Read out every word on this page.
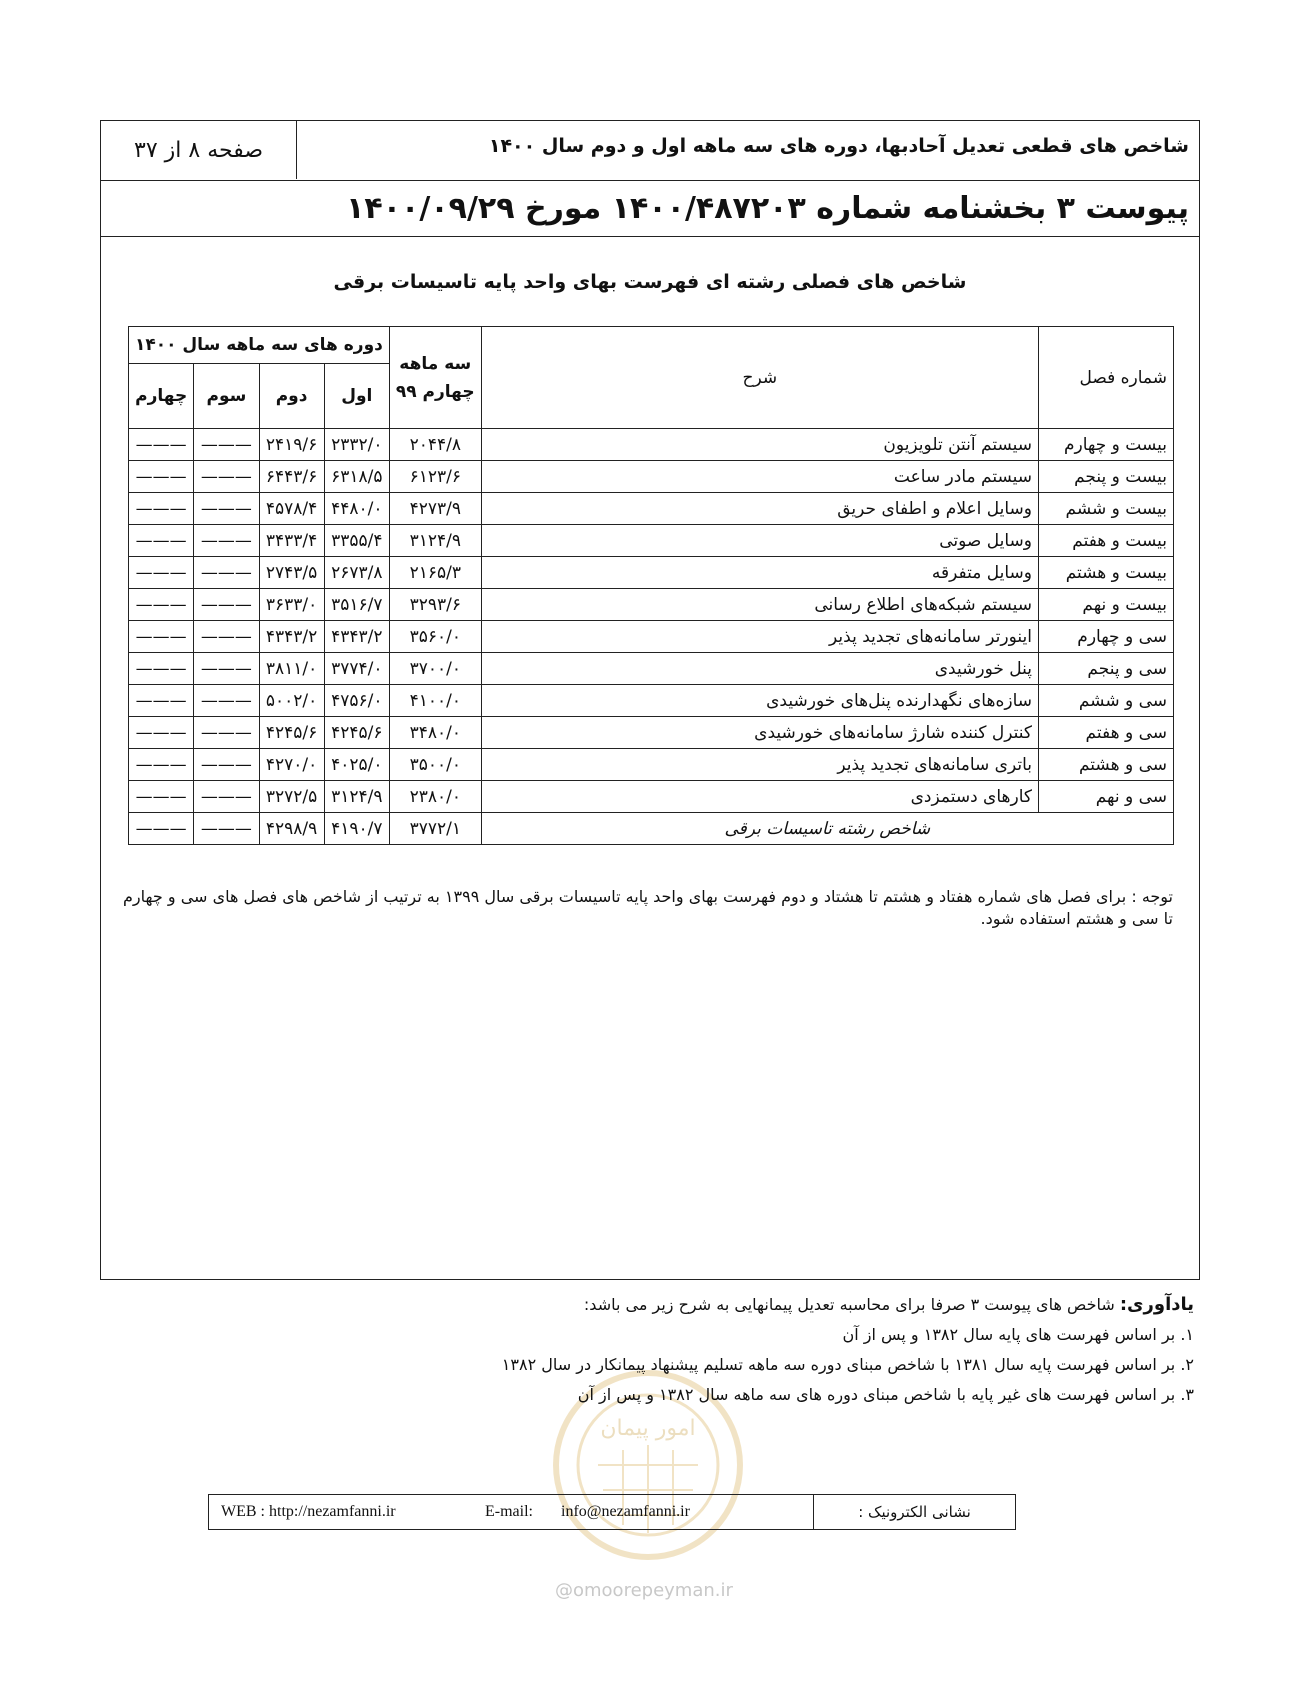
شاخص های قطعی تعدیل آحادبها، دوره های سه ماهه اول و دوم سال ۱۴۰۰
صفحه ۸ از ۳۷
پیوست ۳ بخشنامه شماره ۱۴۰۰/۴۸۷۲۰۳ مورخ ۱۴۰۰/۰۹/۲۹
شاخص های فصلی رشته ای فهرست بهای واحد پایه تاسیسات برقی
شماره فصل	شرح	سه ماهه
چهارم ۹۹	دوره های سه ماهه سال ۱۴۰۰			
			اول	دوم	سوم	چهارم
بیست و چهارم	سیستم آنتن تلویزیون	۲۰۴۴/۸	۲۳۳۲/۰	۲۴۱۹/۶	———	———
بیست و پنجم	سیستم مادر ساعت	۶۱۲۳/۶	۶۳۱۸/۵	۶۴۴۳/۶	———	———
بیست و ششم	وسایل اعلام و اطفای حریق	۴۲۷۳/۹	۴۴۸۰/۰	۴۵۷۸/۴	———	———
بیست و هفتم	وسایل صوتی	۳۱۲۴/۹	۳۳۵۵/۴	۳۴۳۳/۴	———	———
بیست و هشتم	وسایل متفرقه	۲۱۶۵/۳	۲۶۷۳/۸	۲۷۴۳/۵	———	———
بیست و نهم	سیستم شبکه‌های اطلاع رسانی	۳۲۹۳/۶	۳۵۱۶/۷	۳۶۳۳/۰	———	———
سی و چهارم	اینورتر سامانه‌های تجدید پذیر	۳۵۶۰/۰	۴۳۴۳/۲	۴۳۴۳/۲	———	———
سی و پنجم	پنل خورشیدی	۳۷۰۰/۰	۳۷۷۴/۰	۳۸۱۱/۰	———	———
سی و ششم	سازه‌های نگهدارنده پنل‌های خورشیدی	۴۱۰۰/۰	۴۷۵۶/۰	۵۰۰۲/۰	———	———
سی و هفتم	کنترل کننده شارژ سامانه‌های خورشیدی	۳۴۸۰/۰	۴۲۴۵/۶	۴۲۴۵/۶	———	———
سی و هشتم	باتری سامانه‌های تجدید پذیر	۳۵۰۰/۰	۴۰۲۵/۰	۴۲۷۰/۰	———	———
سی و نهم	کارهای دستمزدی	۲۳۸۰/۰	۳۱۲۴/۹	۳۲۷۲/۵	———	———
شاخص رشته تاسیسات برقی		۳۷۷۲/۱	۴۱۹۰/۷	۴۲۹۸/۹	———	———
توجه : برای فصل های شماره هفتاد و هشتم تا هشتاد و دوم فهرست بهای واحد پایه تاسیسات برقی سال ۱۳۹۹ به ترتیب از شاخص های فصل های سی و چهارم تا سی و هشتم استفاده شود.
امور پیمان
@omoorepeyman.ir
یادآوری: شاخص های پیوست ۳ صرفا برای محاسبه تعدیل پیمانهایی به شرح زیر می باشد:
۱. بر اساس فهرست های پایه سال ۱۳۸۲ و پس از آن
۲. بر اساس فهرست پایه سال ۱۳۸۱ با شاخص مبنای دوره سه ماهه تسلیم پیشنهاد پیمانکار در سال ۱۳۸۲
۳. بر اساس فهرست های غیر پایه با شاخص مبنای دوره های سه ماهه سال ۱۳۸۲ و پس از آن
WEB : http://nezamfanni.ir	E-mail: info@nezamfanni.ir	نشانی الکترونیک :
